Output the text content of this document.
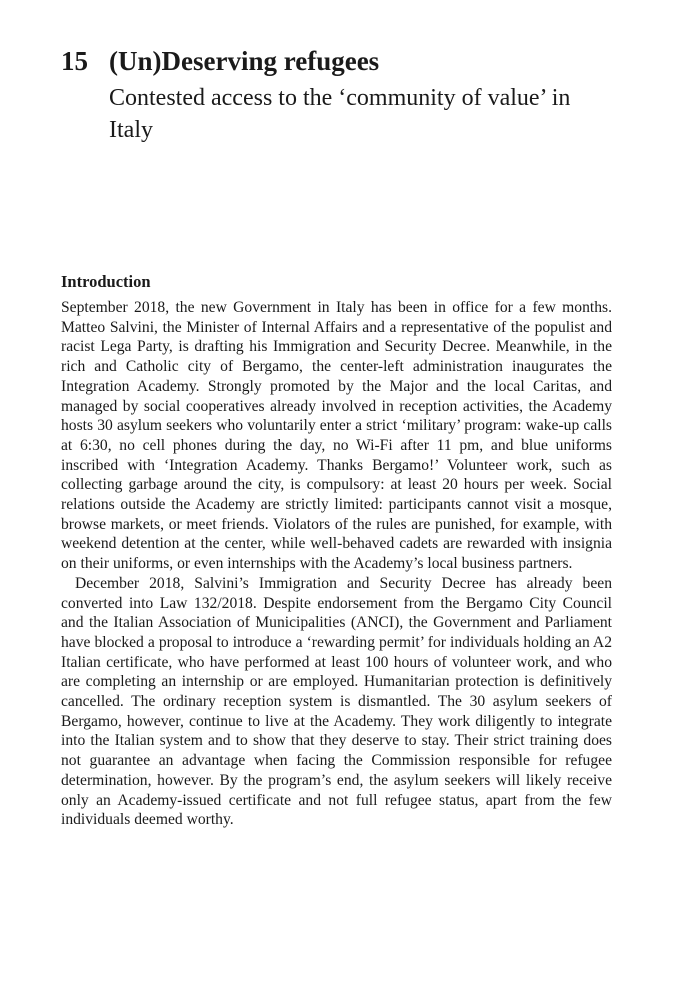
15 (Un)Deserving refugees
Contested access to the ‘community of value’ in Italy
Introduction

September 2018, the new Government in Italy has been in office for a few months. Matteo Salvini, the Minister of Internal Affairs and a representative of the populist and racist Lega Party, is drafting his Immigration and Security Decree. Meanwhile, in the rich and Catholic city of Bergamo, the center-left administration inaugurates the Integration Academy. Strongly promoted by the Major and the local Caritas, and managed by social cooperatives already involved in reception activities, the Academy hosts 30 asylum seekers who voluntarily enter a strict ‘military’ program: wake-up calls at 6:30, no cell phones during the day, no Wi-Fi after 11 pm, and blue uniforms inscribed with ‘Integration Academy. Thanks Bergamo!’ Volunteer work, such as collecting garbage around the city, is compulsory: at least 20 hours per week. Social relations outside the Academy are strictly limited: participants cannot visit a mosque, browse markets, or meet friends. Violators of the rules are punished, for example, with weekend detention at the center, while well-behaved cadets are rewarded with insignia on their uniforms, or even internships with the Academy’s local business partners.

December 2018, Salvini’s Immigration and Security Decree has already been converted into Law 132/2018. Despite endorsement from the Bergamo City Council and the Italian Association of Municipalities (ANCI), the Government and Parliament have blocked a proposal to introduce a ‘rewarding permit’ for individuals holding an A2 Italian certificate, who have performed at least 100 hours of volunteer work, and who are completing an internship or are employed. Humanitarian protection is definitively cancelled. The ordinary reception system is dismantled. The 30 asylum seekers of Bergamo, however, continue to live at the Academy. They work diligently to integrate into the Italian system and to show that they deserve to stay. Their strict training does not guarantee an advantage when facing the Commission responsible for refugee determination, however. By the program’s end, the asylum seekers will likely receive only an Academy-issued certificate and not full refugee status, apart from the few individuals deemed worthy.
